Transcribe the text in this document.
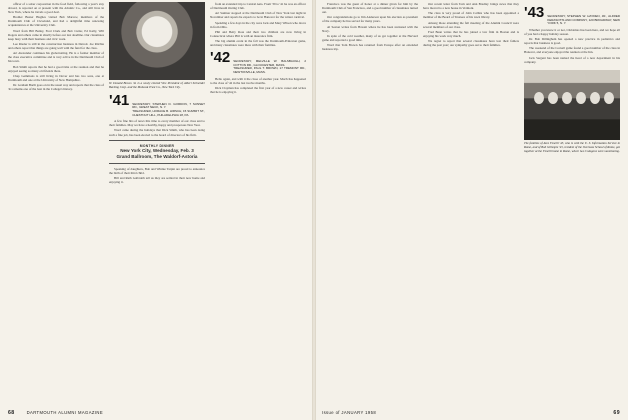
officer of a sober corporation in the food field, following a year's stay abroad, is reported on at present with the Atlantic Co., and still lives in New York, where he travels a good deal.

Brother Buster Hughes visited Bob Marrow, members of the Dartmouth Club of Cleveland, and had a delightful time renewing acquaintances at the University Club.

Word from Bill Bailey, Fred Clark and Bob Cutler, Ed Kelly, Will Rogers and others came in shortly before our last deadline. Our classmates keep busy with their business and civic work.

Lee Rieder is still in the construction business in Detroit. Joe Ritchie and others report that things are going well with the fund for the class.

Art Alexander continues his globetrotting. He is a former member of the class executive committee and is very active in the Dartmouth Club of his town.

Bob Smith reports that he had a good time at the reunion and that he enjoyed seeing so many old friends there.

Chap Gammons is still living in Dover and has two sons, one at Dartmouth and one at the University of New Hampshire.

Dr. Graham Barth goes on in the usual way and reports that the class of '41 remains one of the best in the College's history.

W. Donald Brown '41 is a newly elected Vice President of Albert Schneider Barking Corp. and the Mohawk Trust Co., New York City.
'41 SECRETARY, STEPHEN D. GORDON, 7 SUNSET RD., GREAT NECK, N. Y.
TREASURER, HORACE B. HIRSCH, 15 SUMMIT ST., CHESTNUT HILL, PHILADELPHIA 18, PA.

A few fine bits of news this time to every member of our class and to their families. May we have a healthy, happy and prosperous New Year.

Word came during the holidays that Dick Smith, who has been doing such a fine job, has been elected to the board of directors of his firm.

MONTHLY DINNER
New York City, Wednesday, Feb. 3
Grand Ballroom, The Waldorf-Astoria

Speaking of daughters, Bob and Winnie Tarpin are proud to announce the birth of their third child.

Bill and Ruth Galbraith tell us they are settled in their new home and enjoying it.

from an extended trip to Central Asia. From '39 to '41 he was an officer of Dartmouth Outing Club.

Art Sumner stopped at the Dartmouth Club of New York last night in November and reports he expects to be in Hanover for the winter carnival.

Spending a few days in the city were Jack and Mary Wilson who drove in from Ohio.

Phil and Betty Ross and their two children are now living in Connecticut where Phil is with an insurance firm.

The big alumni event in the fall was the Dartmouth-Princeton game, and many classmates were there with their families.

'42 SECRETARY, MELVILLE W. BALSBAUGH, 2 COTTON RD., GLOUCESTER, MASS.
TREASURER, PAUL T. BROWN, 17 TREMONT RD., NEWTONVILLE, MASS.

Hello again, and with it the close of another year. Much has happened to the class of '42 in the last twelve months.

Dick Clayman has completed the first year of a new career and writes that he is enjoying it.

68	DARTMOUTH ALUMNI MAGAZINE

Francisco was the guest of honor at a dinner given for him by the Dartmouth Club of San Francisco, and a good number of classmates turned out.

Our congratulations go to Jim Anderson upon his election as president of the company he has served for many years.

Al Seaton writes from Hawaii where he has been stationed with the Navy.

In spite of the cold weather, many of us got together at the Harvard game and reported a good time.

Word that Tom Brown has returned from Europe after an extended business trip.

Our recent letter from Tom and Ann Bradley brings news that they have moved to a new house in Vermont.

The class is very proud of John Collins who has been appointed a member of the Board of Trustees of his town library.

Among those attending the fall meeting of the Alumni Council were several members of our class.

Fred Bean writes that he has joined a law firm in Boston and is enjoying his work very much.

We regret to report that several classmates have lost their fathers during the past year; our sympathy goes out to their families.

'43 SECRETARY, STEPHEN W. HAYDEN, JR., ALFRED KERASOTIS AND COMPANY, 120 BROADWAY, NEW YORK 5, N. Y.

Whether you know it or not, Christmas has been here, and we hope all of you had a happy holiday season.

Dr. Bob Dillingham has opened a new practice in pediatrics and reports that business is good.

The weekend of the Cornell game found a good number of the class in Hanover, and everyone enjoyed the reunion at the Inn.

Jack Sargent has been named the head of a new department in his company.

The families of Alex Fenelli '43, who is with the U. S. Information Service in Rome, and of Bob Gillespie '45, resident of the Overseas School of Rome, got together at the Fenelli home in Rome, where two Culagons were vacationing.
Issue of JANUARY 1958	69
